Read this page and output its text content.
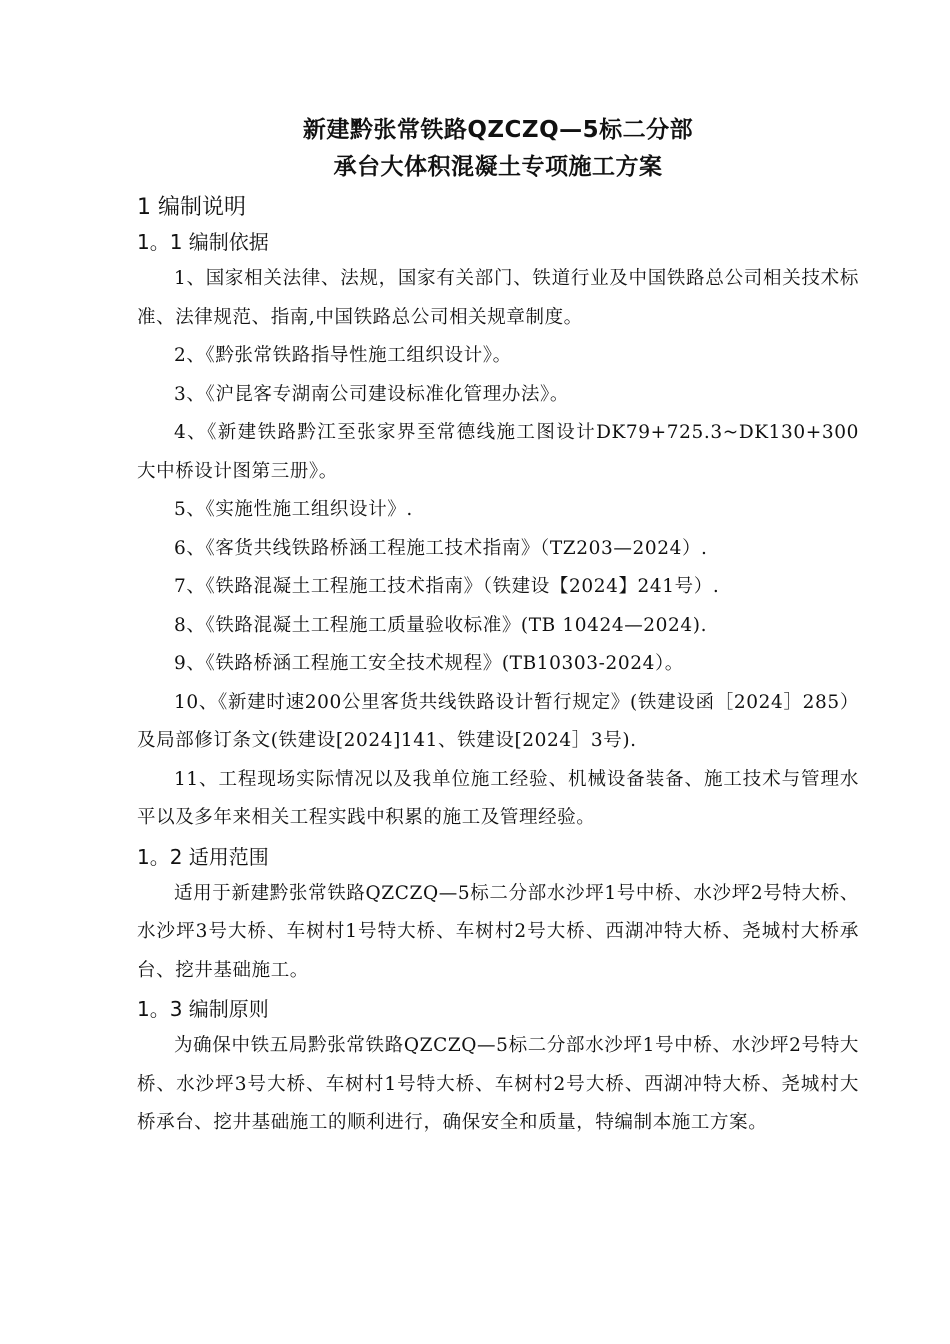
新建黔张常铁路QZCZQ—5标二分部
承台大体积混凝土专项施工方案
1 编制说明
1。1 编制依据

1、国家相关法律、法规，国家有关部门、铁道行业及中国铁路总公司相关技术标准、法律规范、指南,中国铁路总公司相关规章制度。

2、《黔张常铁路指导性施工组织设计》。

3、《沪昆客专湖南公司建设标准化管理办法》。

4、《新建铁路黔江至张家界至常德线施工图设计DK79+725.3~DK130+300大中桥设计图第三册》。

5、《实施性施工组织设计》.

6、《客货共线铁路桥涵工程施工技术指南》（TZ203—2024）.

7、《铁路混凝土工程施工技术指南》（铁建设【2024】241号）.

8、《铁路混凝土工程施工质量验收标准》(TB 10424—2024).

9、《铁路桥涵工程施工安全技术规程》(TB10303-2024）。

10、《新建时速200公里客货共线铁路设计暂行规定》(铁建设函［2024］285）及局部修订条文(铁建设[2024]141、铁建设[2024］3号).

11、工程现场实际情况以及我单位施工经验、机械设备装备、施工技术与管理水平以及多年来相关工程实践中积累的施工及管理经验。

1。2 适用范围

适用于新建黔张常铁路QZCZQ—5标二分部水沙坪1号中桥、水沙坪2号特大桥、水沙坪3号大桥、车树村1号特大桥、车树村2号大桥、西湖冲特大桥、尧城村大桥承台、挖井基础施工。

1。3 编制原则

为确保中铁五局黔张常铁路QZCZQ—5标二分部水沙坪1号中桥、水沙坪2号特大桥、水沙坪3号大桥、车树村1号特大桥、车树村2号大桥、西湖冲特大桥、尧城村大桥承台、挖井基础施工的顺利进行，确保安全和质量，特编制本施工方案。
